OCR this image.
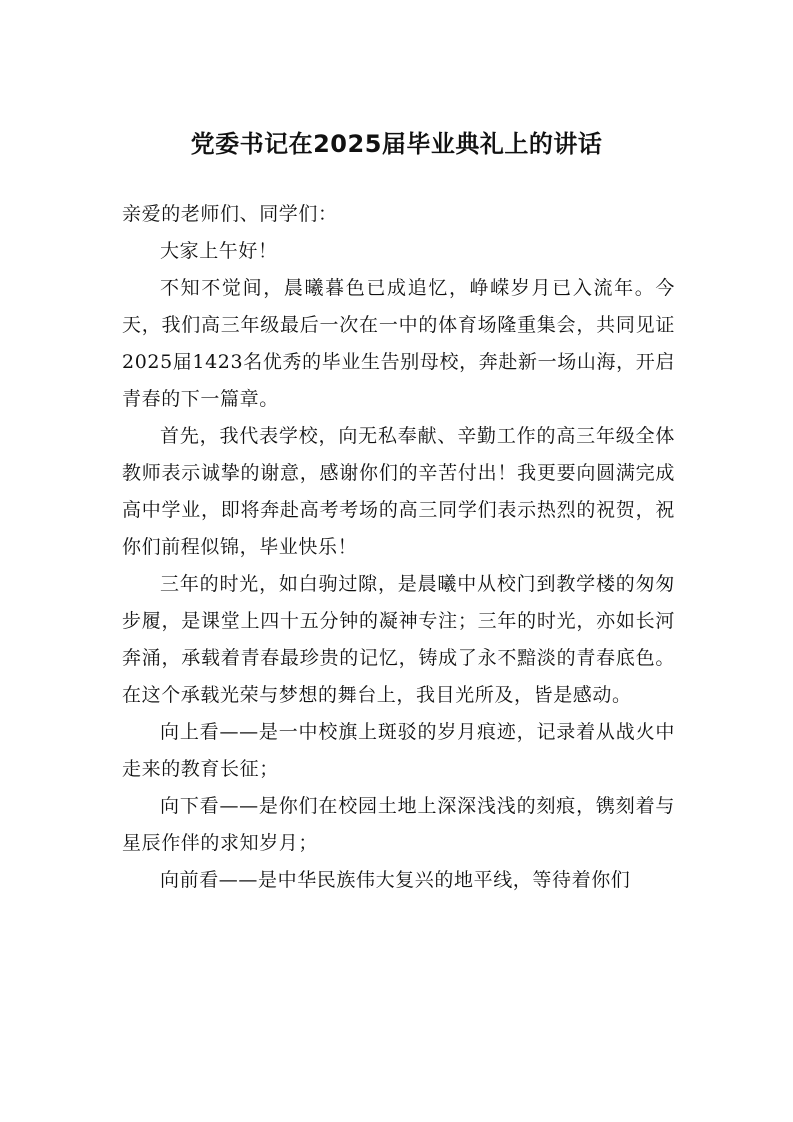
党委书记在2025届毕业典礼上的讲话

亲爱的老师们、同学们：

大家上午好！

不知不觉间，晨曦暮色已成追忆，峥嵘岁月已入流年。今天，我们高三年级最后一次在一中的体育场隆重集会，共同见证2025届1423名优秀的毕业生告别母校，奔赴新一场山海，开启青春的下一篇章。

首先，我代表学校，向无私奉献、辛勤工作的高三年级全体教师表示诚挚的谢意，感谢你们的辛苦付出！我更要向圆满完成高中学业，即将奔赴高考考场的高三同学们表示热烈的祝贺，祝你们前程似锦，毕业快乐！

三年的时光，如白驹过隙，是晨曦中从校门到教学楼的匆匆步履，是课堂上四十五分钟的凝神专注；三年的时光，亦如长河奔涌，承载着青春最珍贵的记忆，铸成了永不黯淡的青春底色。在这个承载光荣与梦想的舞台上，我目光所及，皆是感动。

向上看——是一中校旗上斑驳的岁月痕迹，记录着从战火中走来的教育长征；

向下看——是你们在校园土地上深深浅浅的刻痕，镌刻着与星辰作伴的求知岁月；

向前看——是中华民族伟大复兴的地平线，等待着你们
